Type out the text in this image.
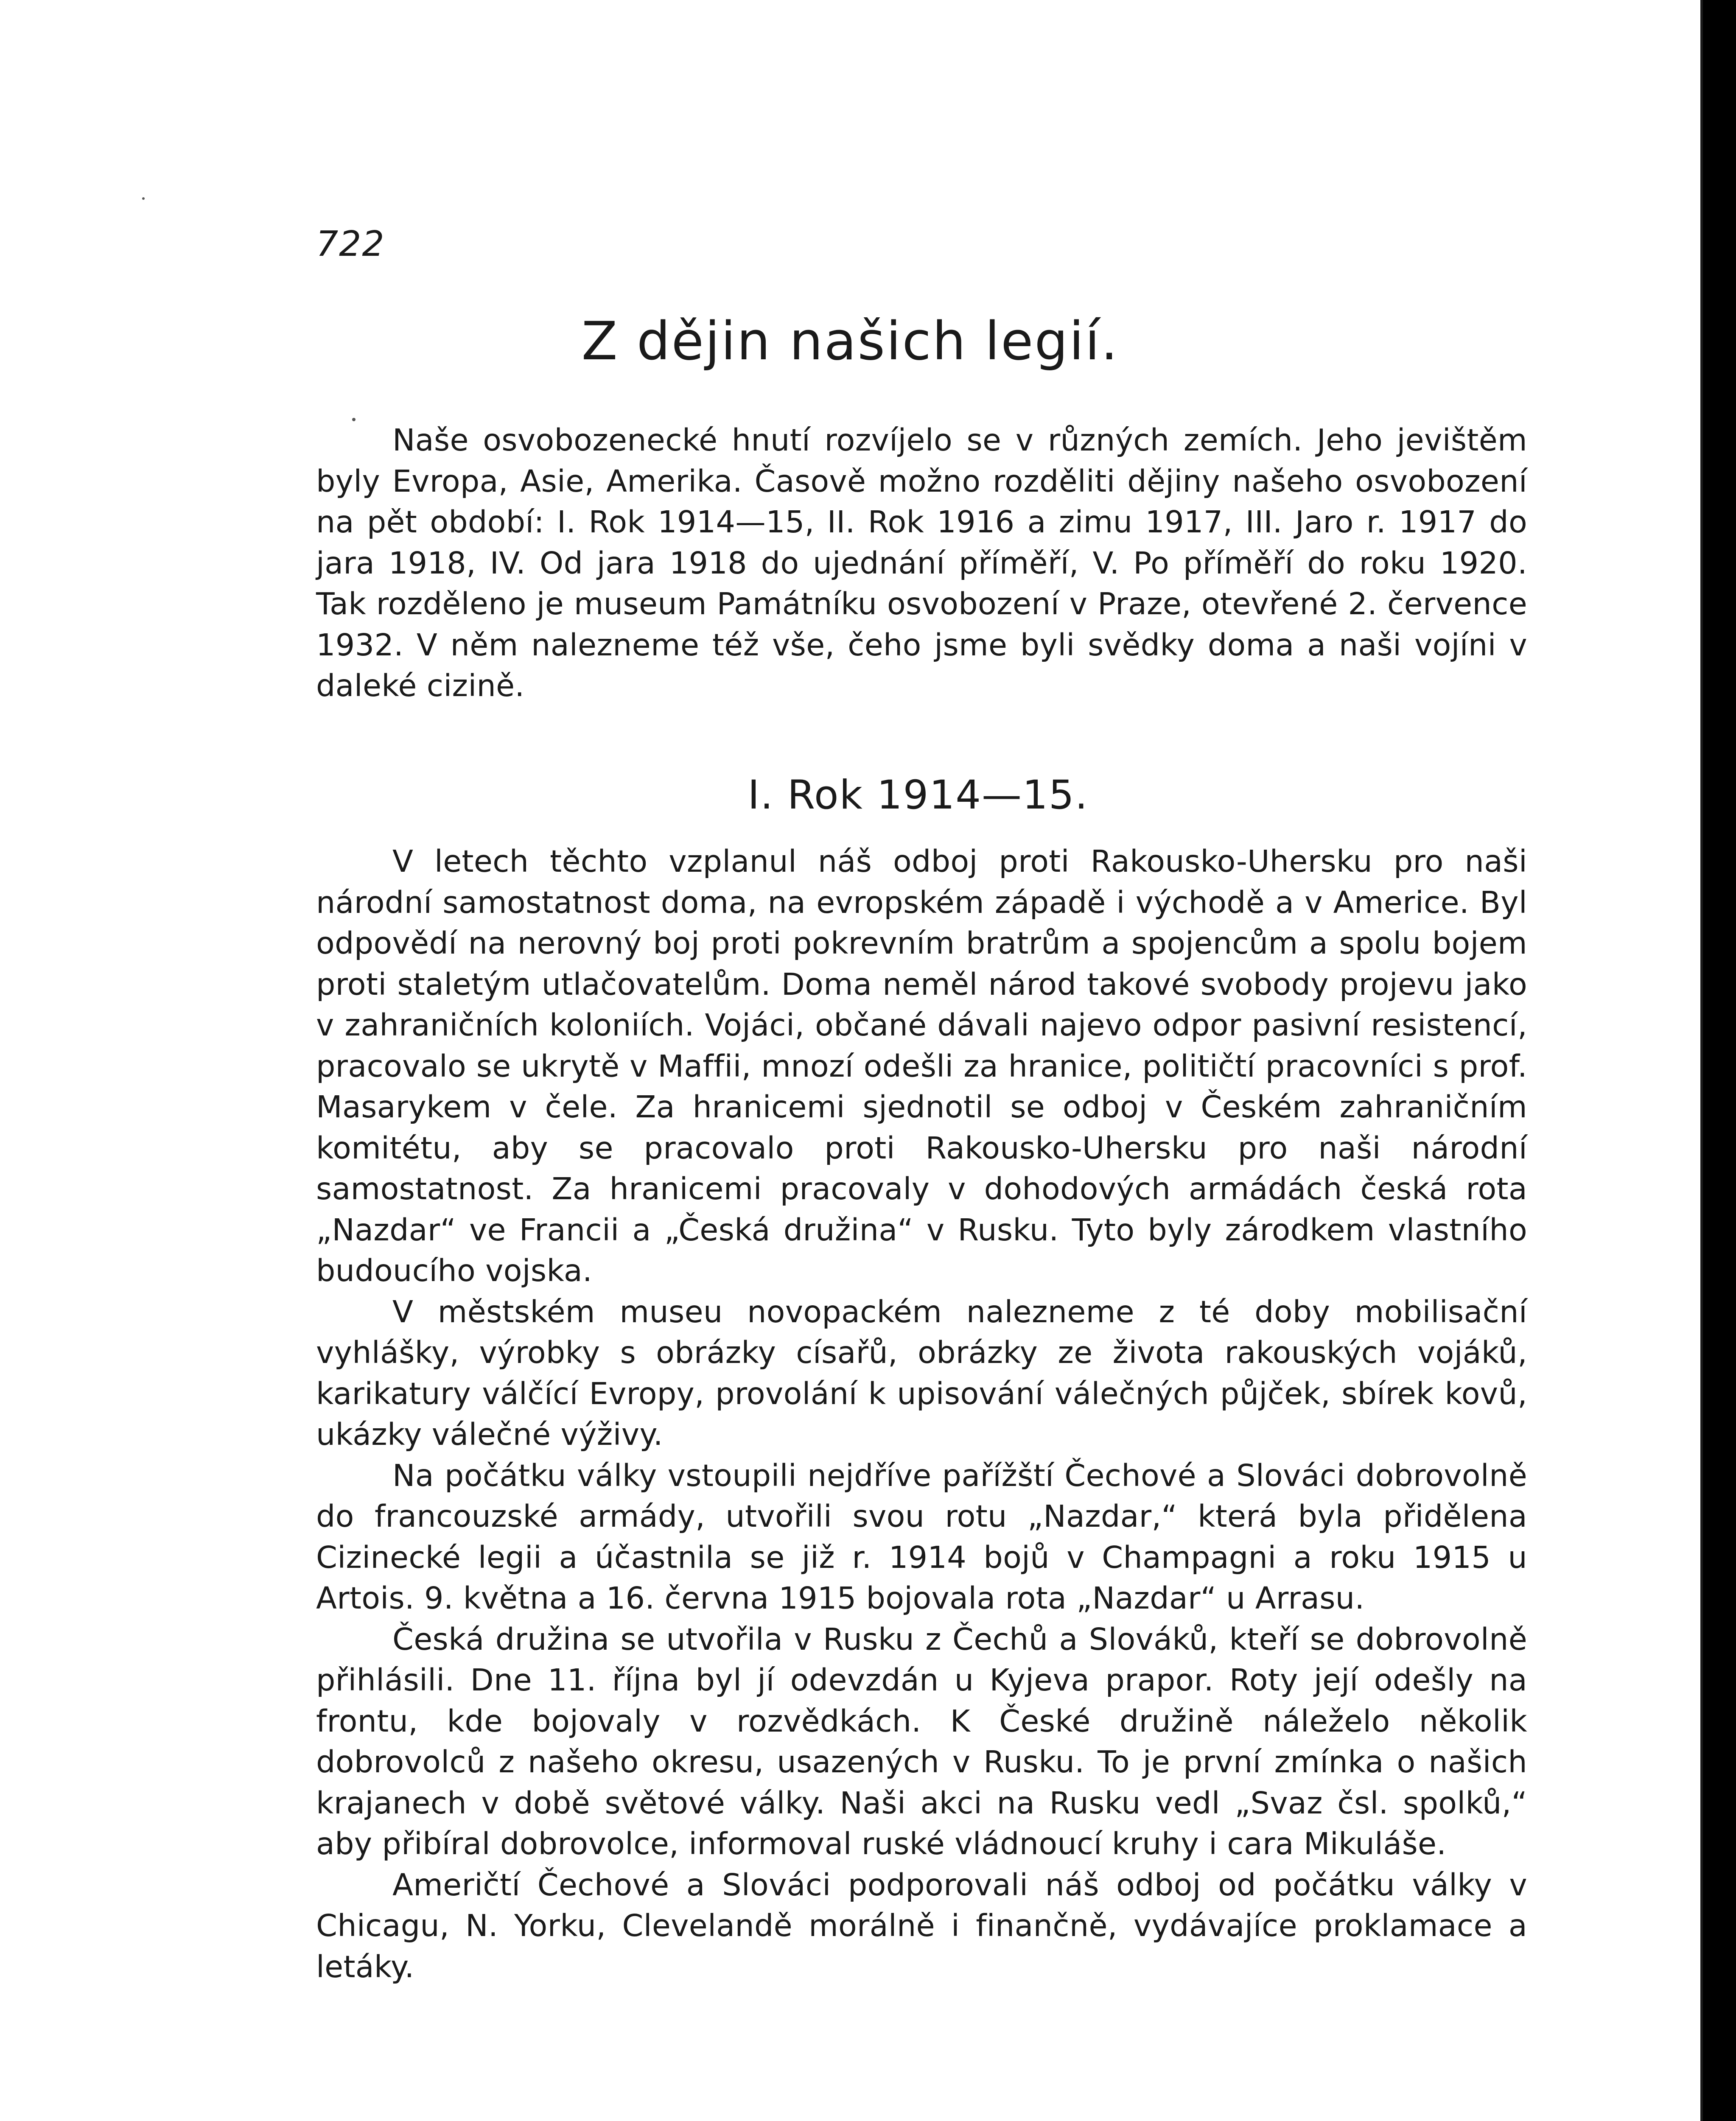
722
Z dějin našich legií.

Naše osvobozenecké hnutí rozvíjelo se v různých zemích. Jeho jevištěm byly Evropa, Asie, Amerika. Časově možno rozděliti dějiny našeho osvobození na pět období: I. Rok 1914—15, II. Rok 1916 a zimu 1917, III. Jaro r. 1917 do jara 1918, IV. Od jara 1918 do ujednání příměří, V. Po příměří do roku 1920. Tak rozděleno je museum Památníku osvobození v Praze, otevřené 2. července 1932. V něm nalezneme též vše, čeho jsme byli svědky doma a naši vojíni v daleké cizině.

I. Rok 1914—15.

V letech těchto vzplanul náš odboj proti Rakousko-Uhersku pro naši národní samostatnost doma, na evropském západě i východě a v Americe. Byl odpovědí na nerovný boj proti pokrevním bratrům a spojencům a spolu bojem proti staletým utlačovatelům. Doma neměl národ takové svobody projevu jako v zahraničních koloniích. Vojáci, občané dávali najevo odpor pasivní resistencí, pracovalo se ukrytě v Maffii, mnozí odešli za hranice, političtí pracovníci s prof. Masarykem v čele. Za hranicemi sjednotil se odboj v Českém zahraničním komitétu, aby se pracovalo proti Rakousko-Uhersku pro naši národní samostatnost. Za hranicemi pracovaly v dohodových armádách česká rota „Nazdar“ ve Francii a „Česká družina“ v Rusku. Tyto byly zárodkem vlastního budoucího vojska.

V městském museu novopackém nalezneme z té doby mobilisační vyhlášky, výrobky s obrázky císařů, obrázky ze života rakouských vojáků, karikatury válčící Evropy, provolání k upisování válečných půjček, sbírek kovů, ukázky válečné výživy.

Na počátku války vstoupili nejdříve pařížští Čechové a Slováci dobrovolně do francouzské armády, utvořili svou rotu „Nazdar,“ která byla přidělena Cizinecké legii a účastnila se již r. 1914 bojů v Champagni a roku 1915 u Artois. 9. května a 16. června 1915 bojovala rota „Nazdar“ u Arrasu.

Česká družina se utvořila v Rusku z Čechů a Slováků, kteří se dobrovolně přihlásili. Dne 11. října byl jí odevzdán u Kyjeva prapor. Roty její odešly na frontu, kde bojovaly v rozvědkách. K České družině náleželo několik dobrovolců z našeho okresu, usazených v Rusku. To je první zmínka o našich krajanech v době světové války. Naši akci na Rusku vedl „Svaz čsl. spolků,“ aby přibíral dobrovolce, informoval ruské vládnoucí kruhy i cara Mikuláše.

Američtí Čechové a Slováci podporovali náš odboj od počátku války v Chicagu, N. Yorku, Clevelandě morálně i finančně, vydávajíce proklamace a letáky.
